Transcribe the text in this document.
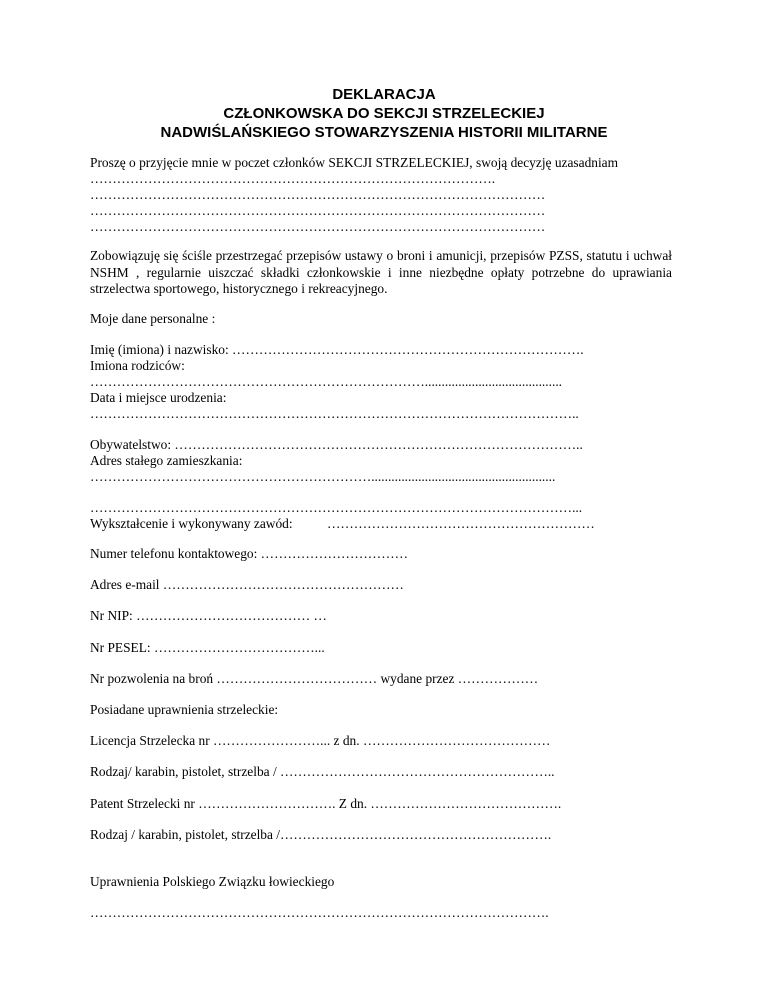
DEKLARACJA
CZŁONKOWSKA DO SEKCJI STRZELECKIEJ
NADWIŚLAŃSKIEGO STOWARZYSZENIA HISTORII MILITARNE
Proszę o przyjęcie mnie w poczet członków SEKCJI STRZELECKIEJ, swoją decyzję uzasadniam
……………………………………………………………………………….
…………………………………………………………………………………………
…………………………………………………………………………………………
…………………………………………………………………………………………
Zobowiązuję się ściśle przestrzegać przepisów ustawy o broni i amunicji, przepisów PZSS, statutu i uchwał NSHM , regularnie uiszczać składki członkowskie i inne niezbędne opłaty potrzebne do uprawiania strzelectwa sportowego, historycznego i rekreacyjnego.
Moje dane personalne :
Imię (imiona) i nazwisko: …………………………………………………………………….
Imiona rodziców:
………………………………………………………………….........................................
Data i miejsce urodzenia:
………………………………………………………………………………………………..
Obywatelstwo: ………………………………………………………………………………..
Adres stałego zamieszkania:
……………………………………………………….......................................................
………………………………………………………………………………………………...
Wykształcenie i wykonywany zawód:	……………………………………………………
Numer telefonu kontaktowego: ……………………………
Adres e-mail ………………………………………………
Nr NIP: ………………………………… …
Nr PESEL: ………………………………...
Nr pozwolenia na broń ……………………………… wydane przez ………………
Posiadane uprawnienia strzeleckie:
Licencja Strzelecka nr ……………………... z dn. ……………………………………
Rodzaj/ karabin, pistolet, strzelba / ……………………………………………………..
Patent Strzelecki nr …………………………. Z dn. …………………………………….
Rodzaj / karabin, pistolet, strzelba /…………………………………………………….
Uprawnienia Polskiego Związku łowieckiego
………………………………………………………………………………………….
